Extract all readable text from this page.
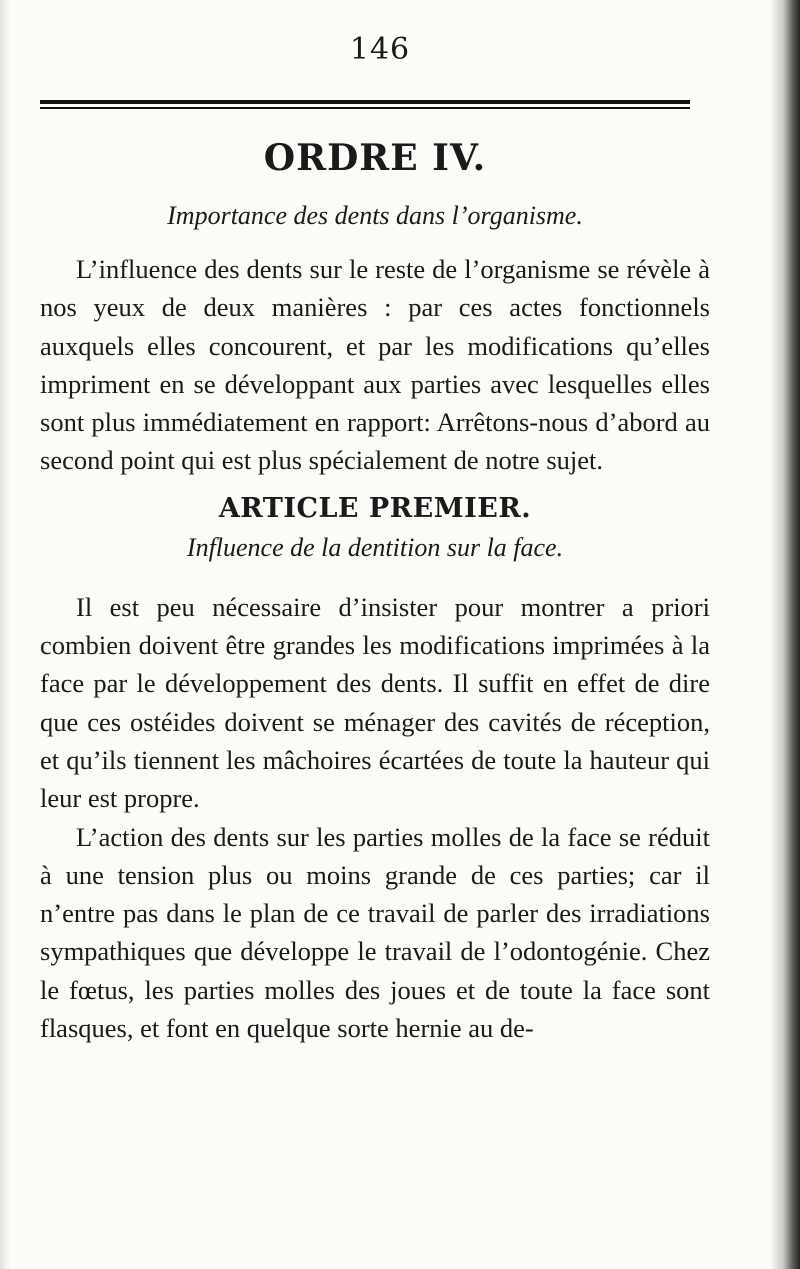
146
ORDRE IV.

Importance des dents dans l’organisme.

L’influence des dents sur le reste de l’organisme se révèle à nos yeux de deux manières : par ces actes fonctionnels auxquels elles concourent, et par les modifications qu’elles impriment en se développant aux parties avec lesquelles elles sont plus immédiatement en rapport: Arrêtons-nous d’abord au second point qui est plus spécialement de notre sujet.

ARTICLE PREMIER.

Influence de la dentition sur la face.

Il est peu nécessaire d’insister pour montrer a priori combien doivent être grandes les modifications imprimées à la face par le développement des dents. Il suffit en effet de dire que ces ostéides doivent se ménager des cavités de réception, et qu’ils tiennent les mâchoires écartées de toute la hauteur qui leur est propre.

L’action des dents sur les parties molles de la face se réduit à une tension plus ou moins grande de ces parties; car il n’entre pas dans le plan de ce travail de parler des irradiations sympathiques que développe le travail de l’odontogénie. Chez le fœtus, les parties molles des joues et de toute la face sont flasques, et font en quelque sorte hernie au de-
